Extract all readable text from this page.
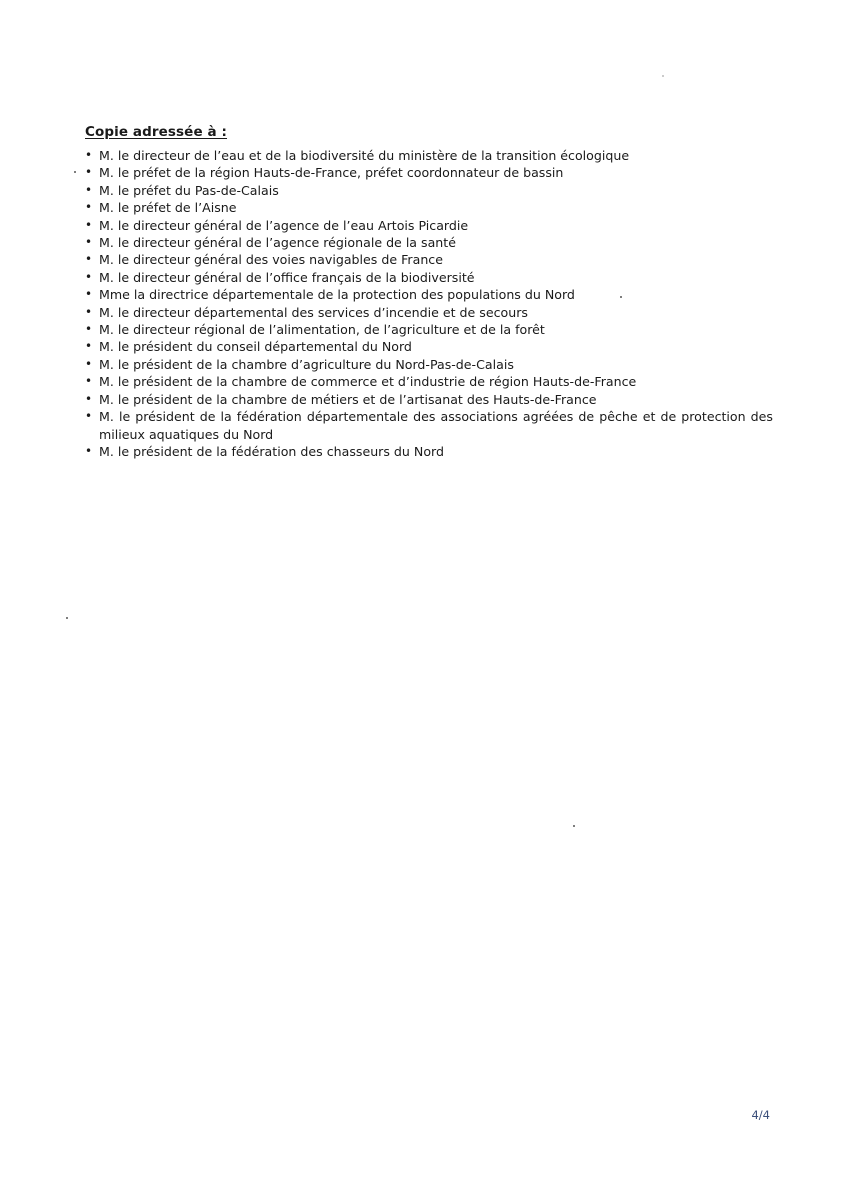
Copie adressée à :
• M. le directeur de l’eau et de la biodiversité du ministère de la transition écologique
• M. le préfet de la région Hauts-de-France, préfet coordonnateur de bassin
• M. le préfet du Pas-de-Calais
• M. le préfet de l’Aisne
• M. le directeur général de l’agence de l’eau Artois Picardie
• M. le directeur général de l’agence régionale de la santé
• M. le directeur général des voies navigables de France
• M. le directeur général de l’office français de la biodiversité
• Mme la directrice départementale de la protection des populations du Nord
• M. le directeur départemental des services d’incendie et de secours
• M. le directeur régional de l’alimentation, de l’agriculture et de la forêt
• M. le président du conseil départemental du Nord
• M. le président de la chambre d’agriculture du Nord-Pas-de-Calais
• M. le président de la chambre de commerce et d’industrie de région Hauts-de-France
• M. le président de la chambre de métiers et de l’artisanat des Hauts-de-France
• M. le président de la fédération départementale des associations agréées de pêche et de protection des milieux aquatiques du Nord
• M. le président de la fédération des chasseurs du Nord
4/4
